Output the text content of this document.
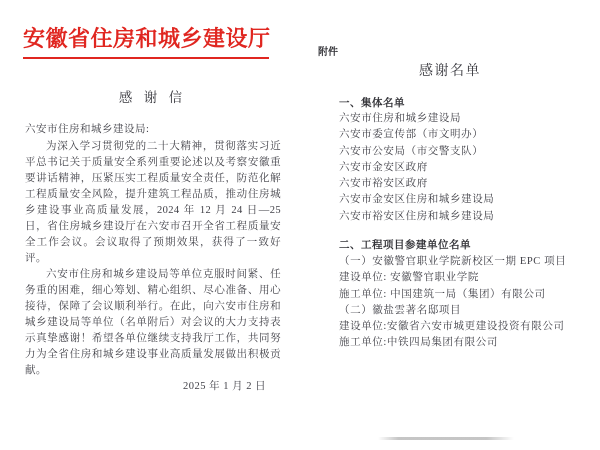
安徽省住房和城乡建设厅
感 谢 信
六安市住房和城乡建设局:

为深入学习贯彻党的二十大精神，贯彻落实习近平总书记关于质量安全系列重要论述以及考察安徽重要讲话精神，压紧压实工程质量安全责任，防范化解工程质量安全风险，提升建筑工程品质，推动住房城乡建设事业高质量发展，2024 年 12 月 24 日—25 日，省住房城乡建设厅在六安市召开全省工程质量安全工作会议。会议取得了预期效果，获得了一致好评。

六安市住房和城乡建设局等单位克服时间紧、任务重的困难，细心筹划、精心组织、尽心准备、用心接待，保障了会议顺利举行。在此，向六安市住房和城乡建设局等单位（名单附后）对会议的大力支持表示真挚感谢！希望各单位继续支持我厅工作，共同努力为全省住房和城乡建设事业高质量发展做出积极贡献。

2025 年 1 月 2 日
附件
感谢名单
一、集体名单
六安市住房和城乡建设局
六安市委宣传部（市文明办）
六安市公安局（市交警支队）
六安市金安区政府
六安市裕安区政府
六安市金安区住房和城乡建设局
六安市裕安区住房和城乡建设局
二、工程项目参建单位名单
（一）安徽警官职业学院新校区一期 EPC 项目
建设单位: 安徽警官职业学院
施工单位: 中国建筑一局（集团）有限公司
（二）徽盐雲著名邸项目
建设单位:安徽省六安市城更建设投资有限公司
施工单位:中铁四局集团有限公司
